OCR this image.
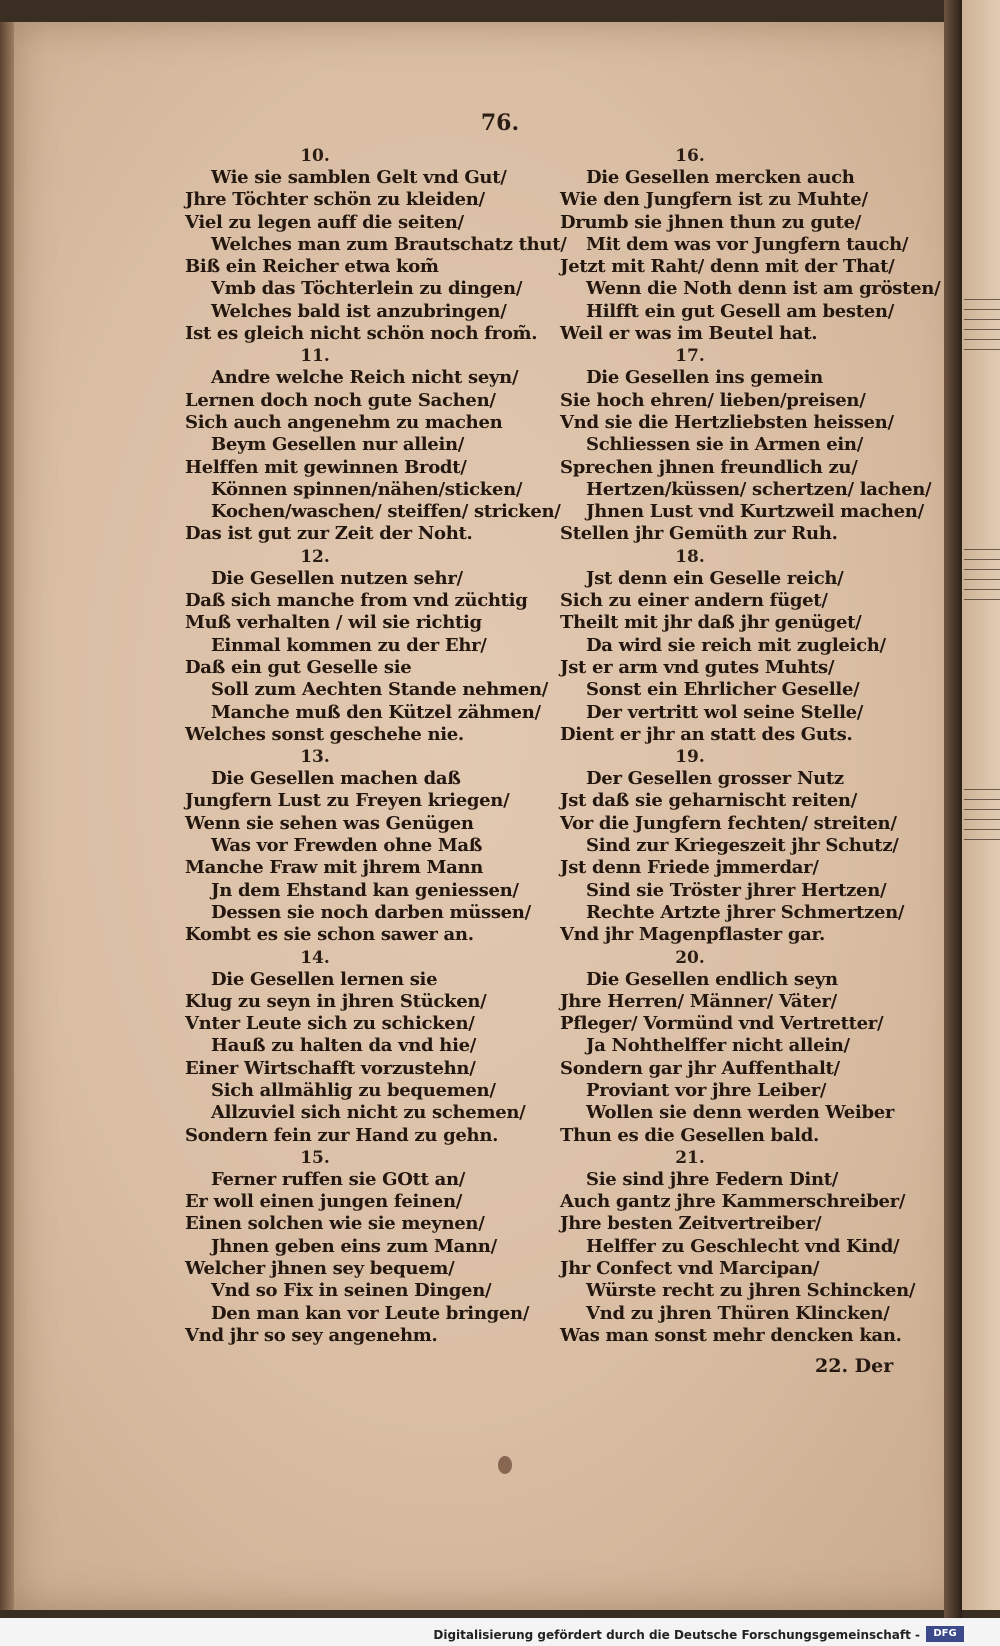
76.
10.
Wie sie samblen Gelt vnd Gut/
Jhre Töchter schön zu kleiden/
Viel zu legen auff die seiten/
Welches man zum Brautschatz thut/
Biß ein Reicher etwa kom̃
Vmb das Töchterlein zu dingen/
Welches bald ist anzubringen/
Ist es gleich nicht schön noch from̃.
11.
Andre welche Reich nicht seyn/
Lernen doch noch gute Sachen/
Sich auch angenehm zu machen
Beym Gesellen nur allein/
Helffen mit gewinnen Brodt/
Können spinnen/nähen/sticken/
Kochen/waschen/ steiffen/ stricken/
Das ist gut zur Zeit der Noht.
12.
Die Gesellen nutzen sehr/
Daß sich manche from vnd züchtig
Muß verhalten / wil sie richtig
Einmal kommen zu der Ehr/
Daß ein gut Geselle sie
Soll zum Aechten Stande nehmen/
Manche muß den Kützel zähmen/
Welches sonst geschehe nie.
13.
Die Gesellen machen daß
Jungfern Lust zu Freyen kriegen/
Wenn sie sehen was Genügen
Was vor Frewden ohne Maß
Manche Fraw mit jhrem Mann
Jn dem Ehstand kan geniessen/
Dessen sie noch darben müssen/
Kombt es sie schon sawer an.
14.
Die Gesellen lernen sie
Klug zu seyn in jhren Stücken/
Vnter Leute sich zu schicken/
Hauß zu halten da vnd hie/
Einer Wirtschafft vorzustehn/
Sich allmählig zu bequemen/
Allzuviel sich nicht zu schemen/
Sondern fein zur Hand zu gehn.
15.
Ferner ruffen sie GOtt an/
Er woll einen jungen feinen/
Einen solchen wie sie meynen/
Jhnen geben eins zum Mann/
Welcher jhnen sey bequem/
Vnd so Fix in seinen Dingen/
Den man kan vor Leute bringen/
Vnd jhr so sey angenehm.
16.
Die Gesellen mercken auch
Wie den Jungfern ist zu Muhte/
Drumb sie jhnen thun zu gute/
Mit dem was vor Jungfern tauch/
Jetzt mit Raht/ denn mit der That/
Wenn die Noth denn ist am grösten/
Hilfft ein gut Gesell am besten/
Weil er was im Beutel hat.
17.
Die Gesellen ins gemein
Sie hoch ehren/ lieben/preisen/
Vnd sie die Hertzliebsten heissen/
Schliessen sie in Armen ein/
Sprechen jhnen freundlich zu/
Hertzen/küssen/ schertzen/ lachen/
Jhnen Lust vnd Kurtzweil machen/
Stellen jhr Gemüth zur Ruh.
18.
Jst denn ein Geselle reich/
Sich zu einer andern füget/
Theilt mit jhr daß jhr genüget/
Da wird sie reich mit zugleich/
Jst er arm vnd gutes Muhts/
Sonst ein Ehrlicher Geselle/
Der vertritt wol seine Stelle/
Dient er jhr an statt des Guts.
19.
Der Gesellen grosser Nutz
Jst daß sie geharnischt reiten/
Vor die Jungfern fechten/ streiten/
Sind zur Kriegeszeit jhr Schutz/
Jst denn Friede jmmerdar/
Sind sie Tröster jhrer Hertzen/
Rechte Artzte jhrer Schmertzen/
Vnd jhr Magenpflaster gar.
20.
Die Gesellen endlich seyn
Jhre Herren/ Männer/ Väter/
Pfleger/ Vormünd vnd Vertretter/
Ja Nohthelffer nicht allein/
Sondern gar jhr Auffenthalt/
Proviant vor jhre Leiber/
Wollen sie denn werden Weiber
Thun es die Gesellen bald.
21.
Sie sind jhre Federn Dint/
Auch gantz jhre Kammerschreiber/
Jhre besten Zeitvertreiber/
Helffer zu Geschlecht vnd Kind/
Jhr Confect vnd Marcipan/
Würste recht zu jhren Schincken/
Vnd zu jhren Thüren Klincken/
Was man sonst mehr dencken kan.
22. Der
Digitalisierung gefördert durch die Deutsche Forschungsgemeinschaft -	DFG
